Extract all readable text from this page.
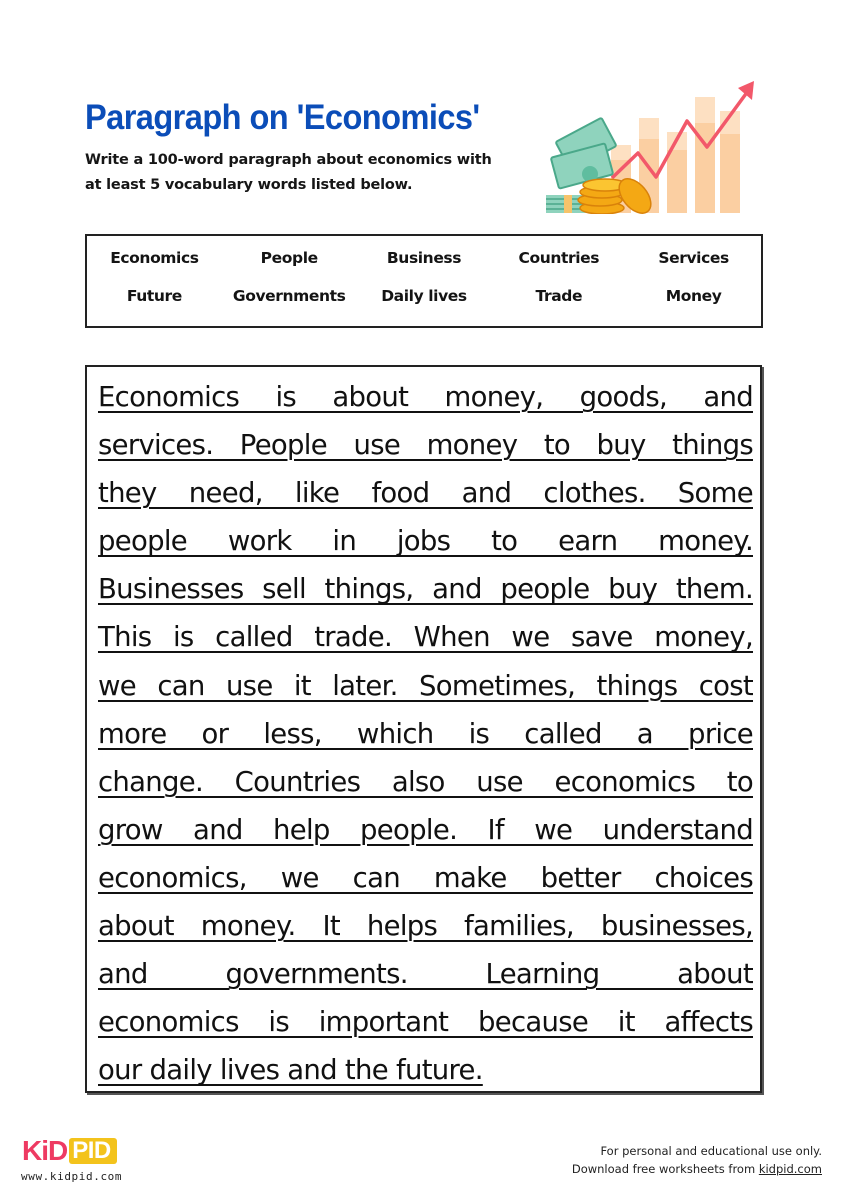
Paragraph on 'Economics'
Write a 100-word paragraph about economics with
at least 5 vocabulary words listed below.
Economics	People	Business	Countries	Services
Future	Governments	Daily lives	Trade	Money
Economics is about money, goods, and
services. People use money to buy things
they need, like food and clothes. Some
people work in jobs to earn money.
Businesses sell things, and people buy them.
This is called trade. When we save money,
we can use it later. Sometimes, things cost
more or less, which is called a price
change. Countries also use economics to
grow and help people. If we understand
economics, we can make better choices
about money. It helps families, businesses,
and governments. Learning about
economics is important because it affects
our daily lives and the future.
KiD PID
www.kidpid.com
For personal and educational use only.
Download free worksheets from kidpid.com
